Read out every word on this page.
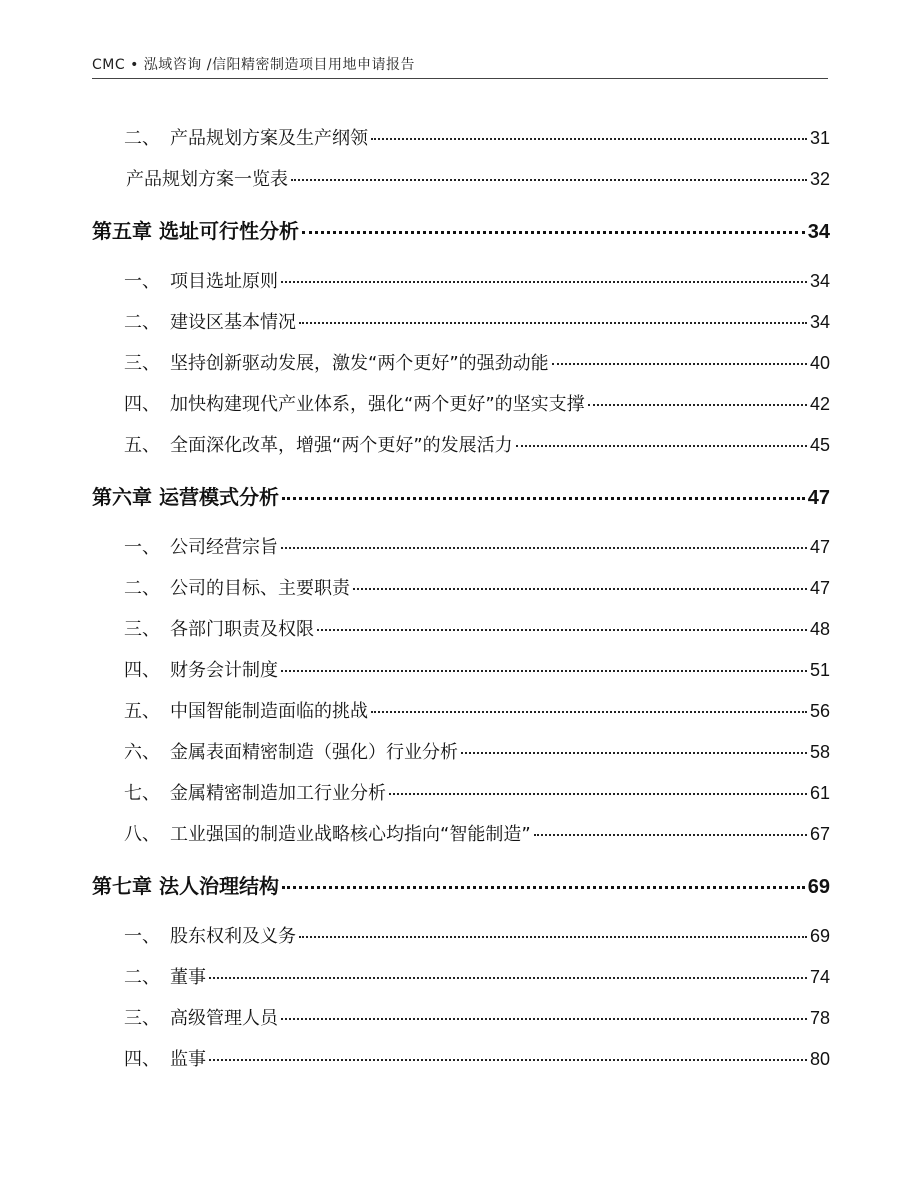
CMC • 泓域咨询 /信阳精密制造项目用地申请报告
二、 产品规划方案及生产纲领	31
产品规划方案一览表	32
第五章 选址可行性分析	34
一、 项目选址原则	34
二、 建设区基本情况	34
三、 坚持创新驱动发展，激发“两个更好”的强劲动能	40
四、 加快构建现代产业体系，强化“两个更好”的坚实支撑	42
五、 全面深化改革，增强“两个更好”的发展活力	45
第六章 运营模式分析	47
一、 公司经营宗旨	47
二、 公司的目标、主要职责	47
三、 各部门职责及权限	48
四、 财务会计制度	51
五、 中国智能制造面临的挑战	56
六、 金属表面精密制造（强化）行业分析	58
七、 金属精密制造加工行业分析	61
八、 工业强国的制造业战略核心均指向“智能制造”	67
第七章 法人治理结构	69
一、 股东权利及义务	69
二、 董事	74
三、 高级管理人员	78
四、 监事	80
